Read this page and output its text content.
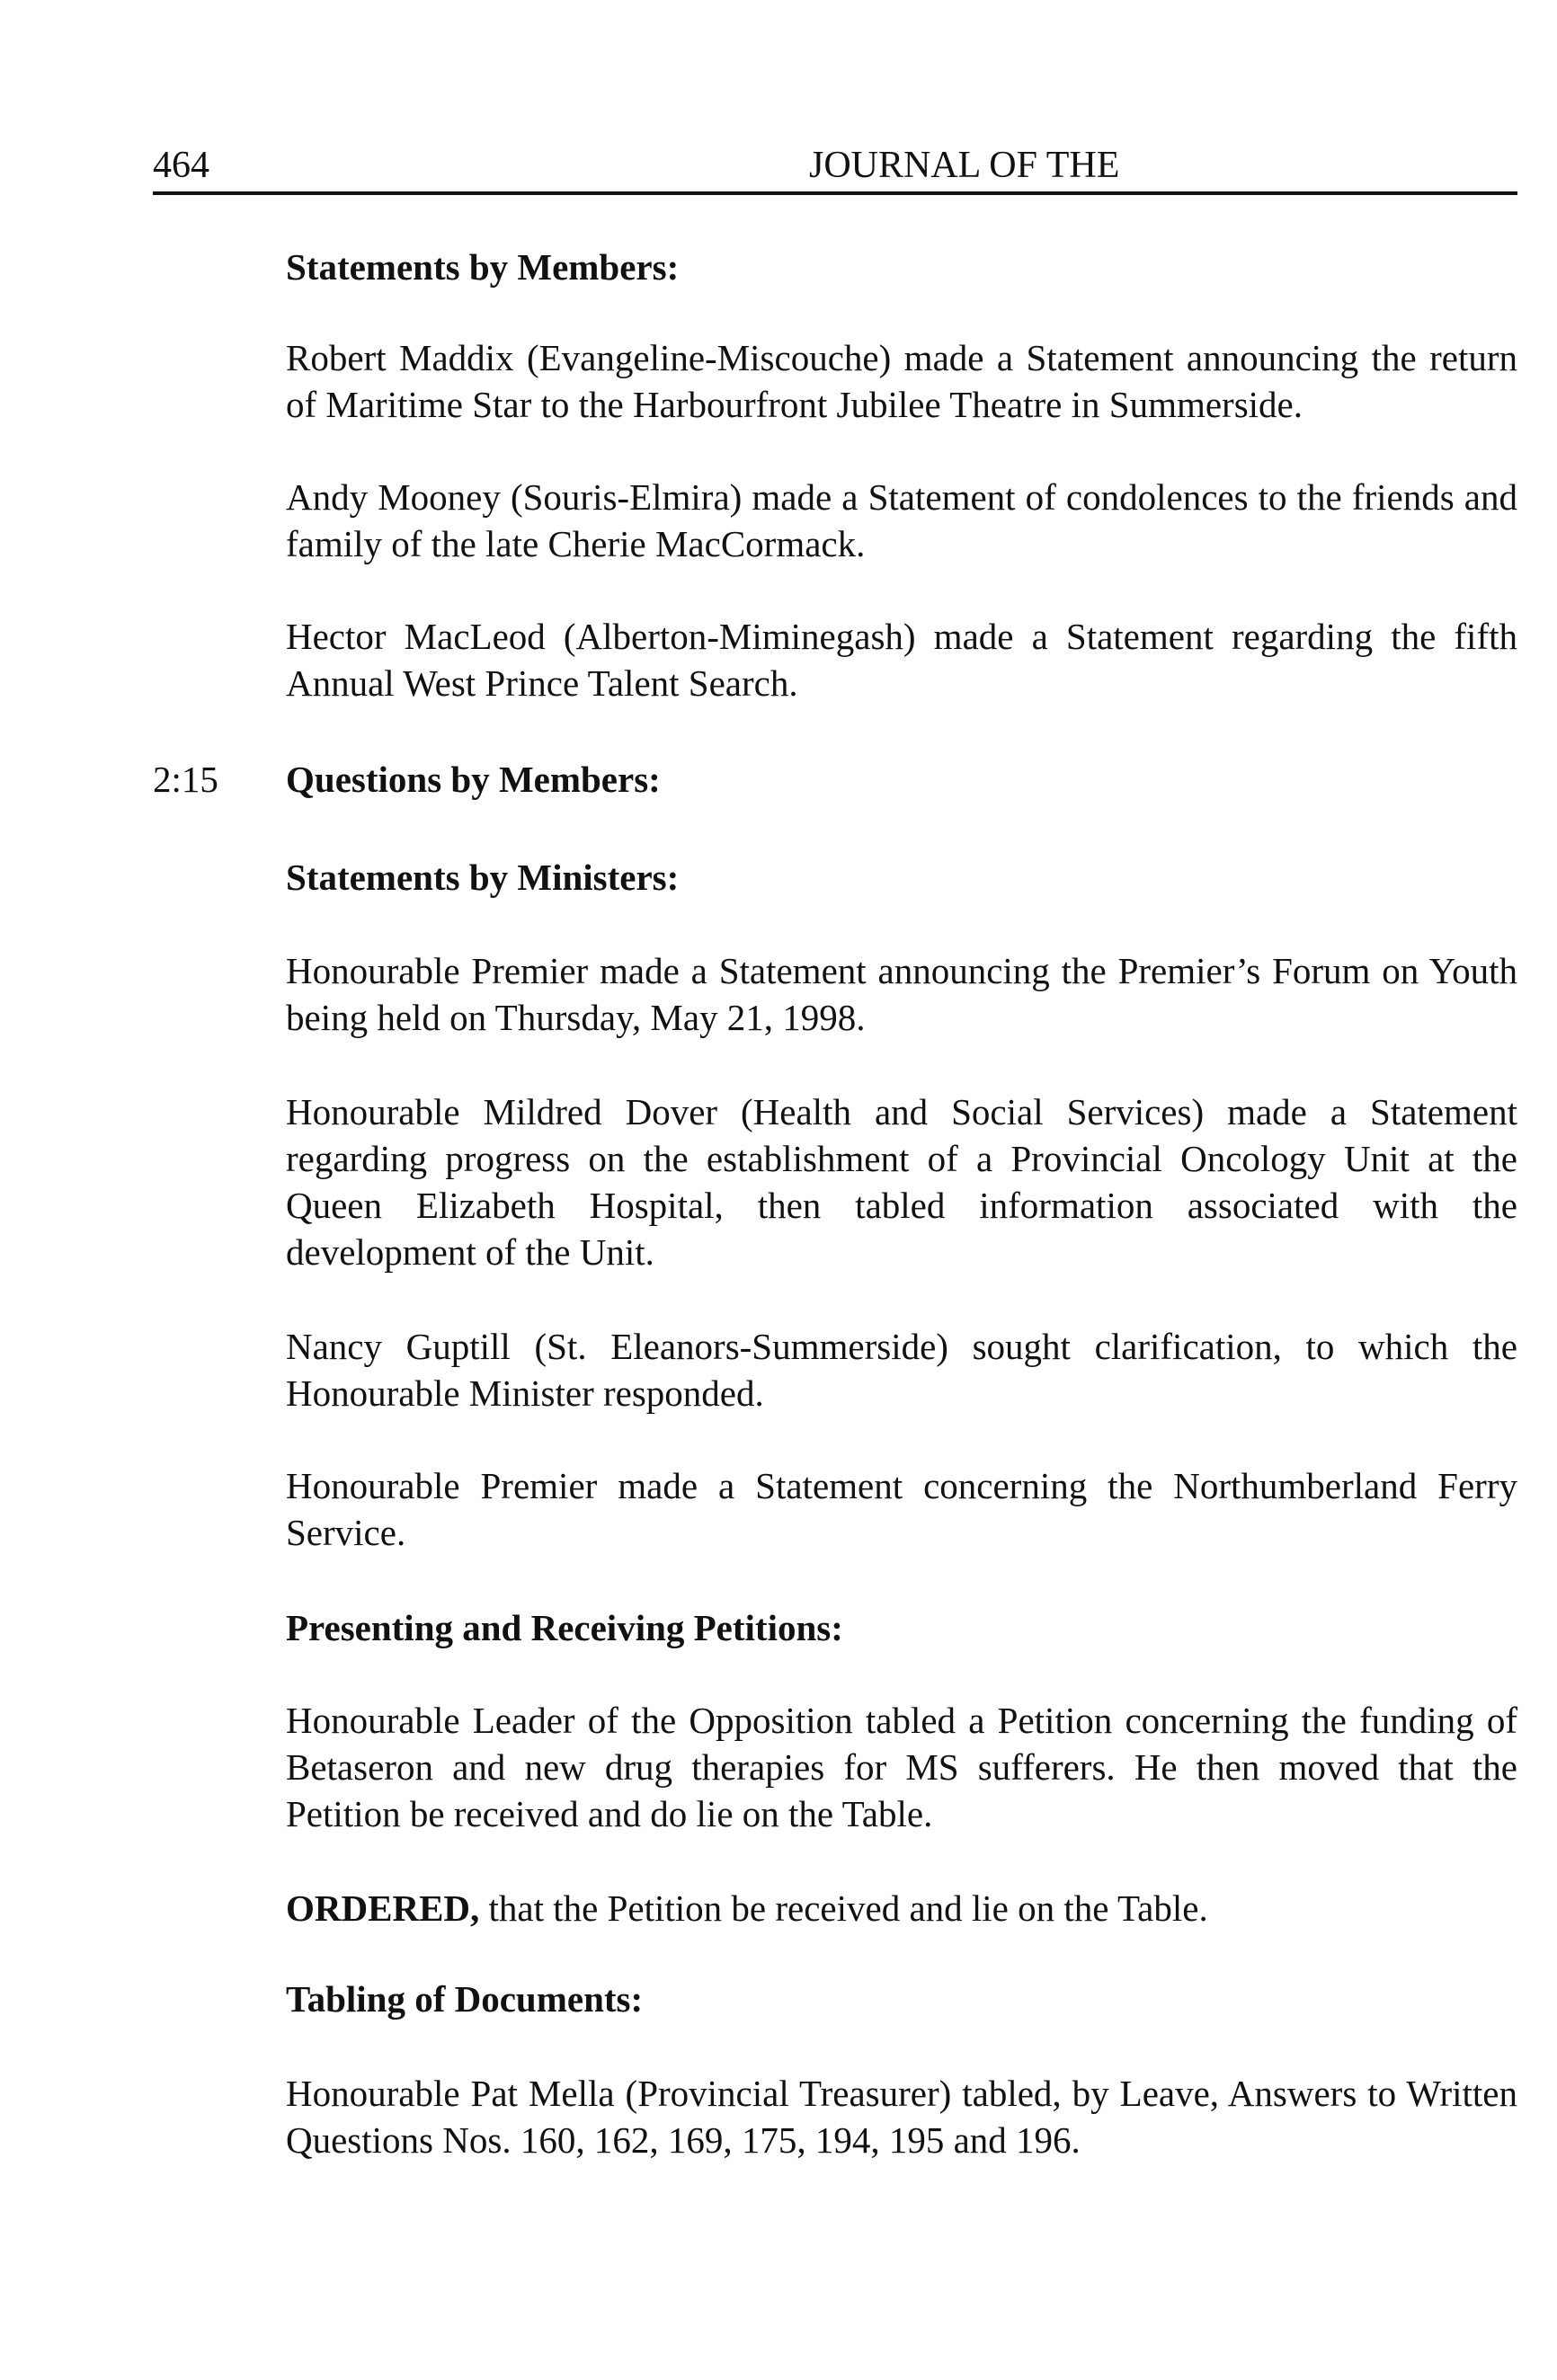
464	JOURNAL OF THE
Statements by Members:

Robert Maddix (Evangeline-Miscouche) made a Statement announcing the return of Maritime Star to the Harbourfront Jubilee Theatre in Summerside.

Andy Mooney (Souris-Elmira) made a Statement of condolences to the friends and family of the late Cherie MacCormack.

Hector MacLeod (Alberton-Miminegash) made a Statement regarding the fifth Annual West Prince Talent Search.

2:15 Questions by Members:
Statements by Ministers:

Honourable Premier made a Statement announcing the Premier’s Forum on Youth being held on Thursday, May 21, 1998.

Honourable Mildred Dover (Health and Social Services) made a Statement regarding progress on the establishment of a Provincial Oncology Unit at the Queen Elizabeth Hospital, then tabled information associated with the development of the Unit.

Nancy Guptill (St. Eleanors-Summerside) sought clarification, to which the Honourable Minister responded.

Honourable Premier made a Statement concerning the Northumberland Ferry Service.

Presenting and Receiving Petitions:

Honourable Leader of the Opposition tabled a Petition concerning the funding of Betaseron and new drug therapies for MS sufferers. He then moved that the Petition be received and do lie on the Table.

ORDERED, that the Petition be received and lie on the Table.

Tabling of Documents:

Honourable Pat Mella (Provincial Treasurer) tabled, by Leave, Answers to Written Questions Nos. 160, 162, 169, 175, 194, 195 and 196.
